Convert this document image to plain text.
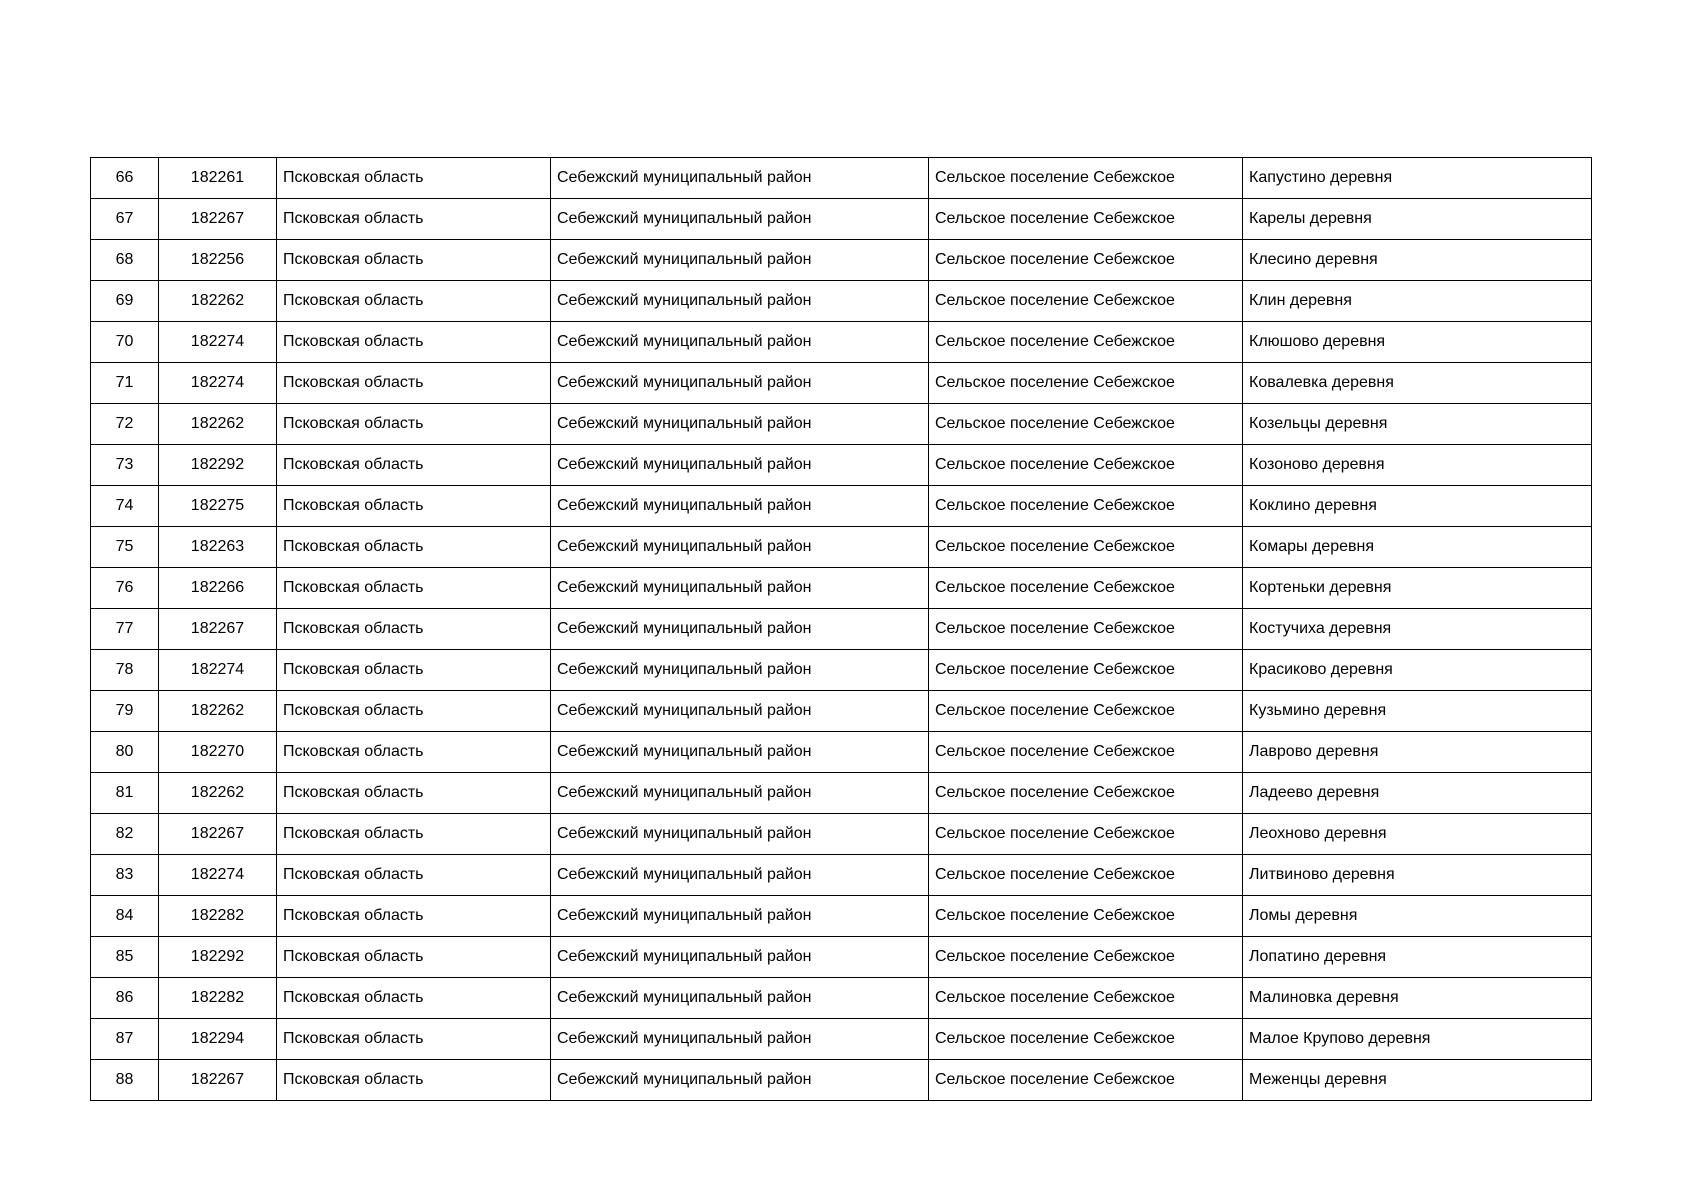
66	182261	Псковская область	Себежский муниципальный район	Сельское поселение Себежское	Капустино деревня
67	182267	Псковская область	Себежский муниципальный район	Сельское поселение Себежское	Карелы деревня
68	182256	Псковская область	Себежский муниципальный район	Сельское поселение Себежское	Клесино деревня
69	182262	Псковская область	Себежский муниципальный район	Сельское поселение Себежское	Клин деревня
70	182274	Псковская область	Себежский муниципальный район	Сельское поселение Себежское	Клюшово деревня
71	182274	Псковская область	Себежский муниципальный район	Сельское поселение Себежское	Ковалевка деревня
72	182262	Псковская область	Себежский муниципальный район	Сельское поселение Себежское	Козельцы деревня
73	182292	Псковская область	Себежский муниципальный район	Сельское поселение Себежское	Козоново деревня
74	182275	Псковская область	Себежский муниципальный район	Сельское поселение Себежское	Коклино деревня
75	182263	Псковская область	Себежский муниципальный район	Сельское поселение Себежское	Комары деревня
76	182266	Псковская область	Себежский муниципальный район	Сельское поселение Себежское	Кортеньки деревня
77	182267	Псковская область	Себежский муниципальный район	Сельское поселение Себежское	Костучиха деревня
78	182274	Псковская область	Себежский муниципальный район	Сельское поселение Себежское	Красиково деревня
79	182262	Псковская область	Себежский муниципальный район	Сельское поселение Себежское	Кузьмино деревня
80	182270	Псковская область	Себежский муниципальный район	Сельское поселение Себежское	Лаврово деревня
81	182262	Псковская область	Себежский муниципальный район	Сельское поселение Себежское	Ладеево деревня
82	182267	Псковская область	Себежский муниципальный район	Сельское поселение Себежское	Леохново деревня
83	182274	Псковская область	Себежский муниципальный район	Сельское поселение Себежское	Литвиново деревня
84	182282	Псковская область	Себежский муниципальный район	Сельское поселение Себежское	Ломы деревня
85	182292	Псковская область	Себежский муниципальный район	Сельское поселение Себежское	Лопатино деревня
86	182282	Псковская область	Себежский муниципальный район	Сельское поселение Себежское	Малиновка деревня
87	182294	Псковская область	Себежский муниципальный район	Сельское поселение Себежское	Малое Крупово деревня
88	182267	Псковская область	Себежский муниципальный район	Сельское поселение Себежское	Меженцы деревня
